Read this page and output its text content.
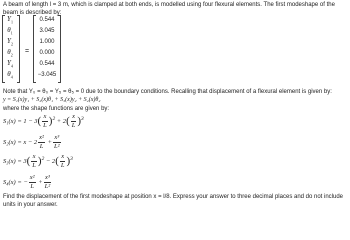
A beam of length l = 3 m, which is clamped at both ends, is modelled using four flexural elements. The first modeshape of the beam is described by:
$Y_1$
$\theta_1$
$Y_2$
$\theta_2$
$Y_4$
$\theta_4$
=
0.544
3.045
1.000
0.000
0.544
−3.045
Note that Y₀ = θ₀ = Y₅ = θ₅ = 0 due to the boundary conditions. Recalling that displacement of a flexural element is given by:
y = S₁(x)y₁ + S₂(x)θ₁ + S₃(x)y₂ + S₄(x)θ₂
where the shape functions are given by:
$S_1(x) = 1 - 3( \frac{x}{L} )^2 + 2( \frac{x}{L} )^3$
$S_2(x) = x - 2 \frac{\text{x²}}{L} + \frac{\text{x³}}{\text{L²}}$
$S_3(x) = 3( \frac{x}{L} )^2 - 2( \frac{x}{L} )^3$
S₄(x) = − $\frac{\text{x²}}{L} + \frac{\text{x³}}{\text{L²}}$
Find the displacement of the first modeshape at position x = l/8. Express your answer to three decimal places and do not include units in your answer.
